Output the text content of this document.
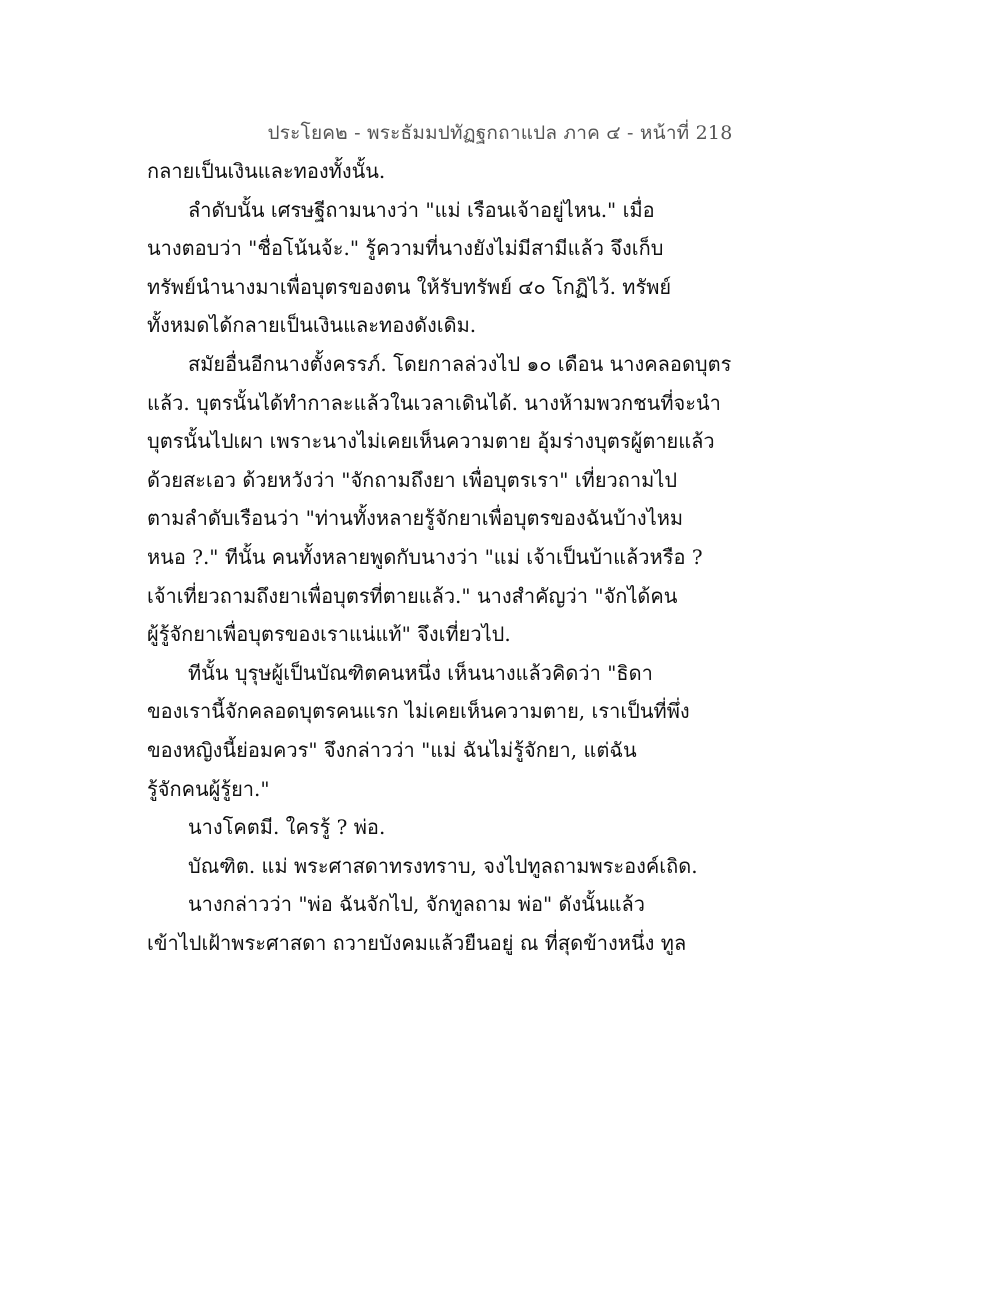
ประโยค๒ - พระธัมมปทัฏฐกถาแปล ภาค ๔ - หน้าที่ 218
กลายเป็นเงินและทองทั้งนั้น.
ลำดับนั้น เศรษฐีถามนางว่า "แม่ เรือนเจ้าอยู่ไหน." เมื่อ
นางตอบว่า "ชื่อโน้นจ้ะ." รู้ความที่นางยังไม่มีสามีแล้ว จึงเก็บ
ทรัพย์นำนางมาเพื่อบุตรของตน ให้รับทรัพย์ ๔๐ โกฏิไว้. ทรัพย์
ทั้งหมดได้กลายเป็นเงินและทองดังเดิม.
สมัยอื่นอีกนางตั้งครรภ์. โดยกาลล่วงไป ๑๐ เดือน นางคลอดบุตร
แล้ว. บุตรนั้นได้ทำกาละแล้วในเวลาเดินได้. นางห้ามพวกชนที่จะนำ
บุตรนั้นไปเผา เพราะนางไม่เคยเห็นความตาย อุ้มร่างบุตรผู้ตายแล้ว
ด้วยสะเอว ด้วยหวังว่า "จักถามถึงยา เพื่อบุตรเรา" เที่ยวถามไป
ตามลำดับเรือนว่า "ท่านทั้งหลายรู้จักยาเพื่อบุตรของฉันบ้างไหม
หนอ ?." ทีนั้น คนทั้งหลายพูดกับนางว่า "แม่ เจ้าเป็นบ้าแล้วหรือ ?
เจ้าเที่ยวถามถึงยาเพื่อบุตรที่ตายแล้ว." นางสำคัญว่า "จักได้คน
ผู้รู้จักยาเพื่อบุตรของเราแน่แท้" จึงเที่ยวไป.
ทีนั้น บุรุษผู้เป็นบัณฑิตคนหนึ่ง เห็นนางแล้วคิดว่า "ธิดา
ของเรานี้จักคลอดบุตรคนแรก ไม่เคยเห็นความตาย, เราเป็นที่พึ่ง
ของหญิงนี้ย่อมควร" จึงกล่าวว่า "แม่ ฉันไม่รู้จักยา, แต่ฉัน
รู้จักคนผู้รู้ยา."
นางโคตมี. ใครรู้ ? พ่อ.
บัณฑิต. แม่ พระศาสดาทรงทราบ, จงไปทูลถามพระองค์เถิด.
นางกล่าวว่า "พ่อ ฉันจักไป, จักทูลถาม พ่อ" ดังนั้นแล้ว
เข้าไปเฝ้าพระศาสดา ถวายบังคมแล้วยืนอยู่ ณ ที่สุดข้างหนึ่ง ทูล
